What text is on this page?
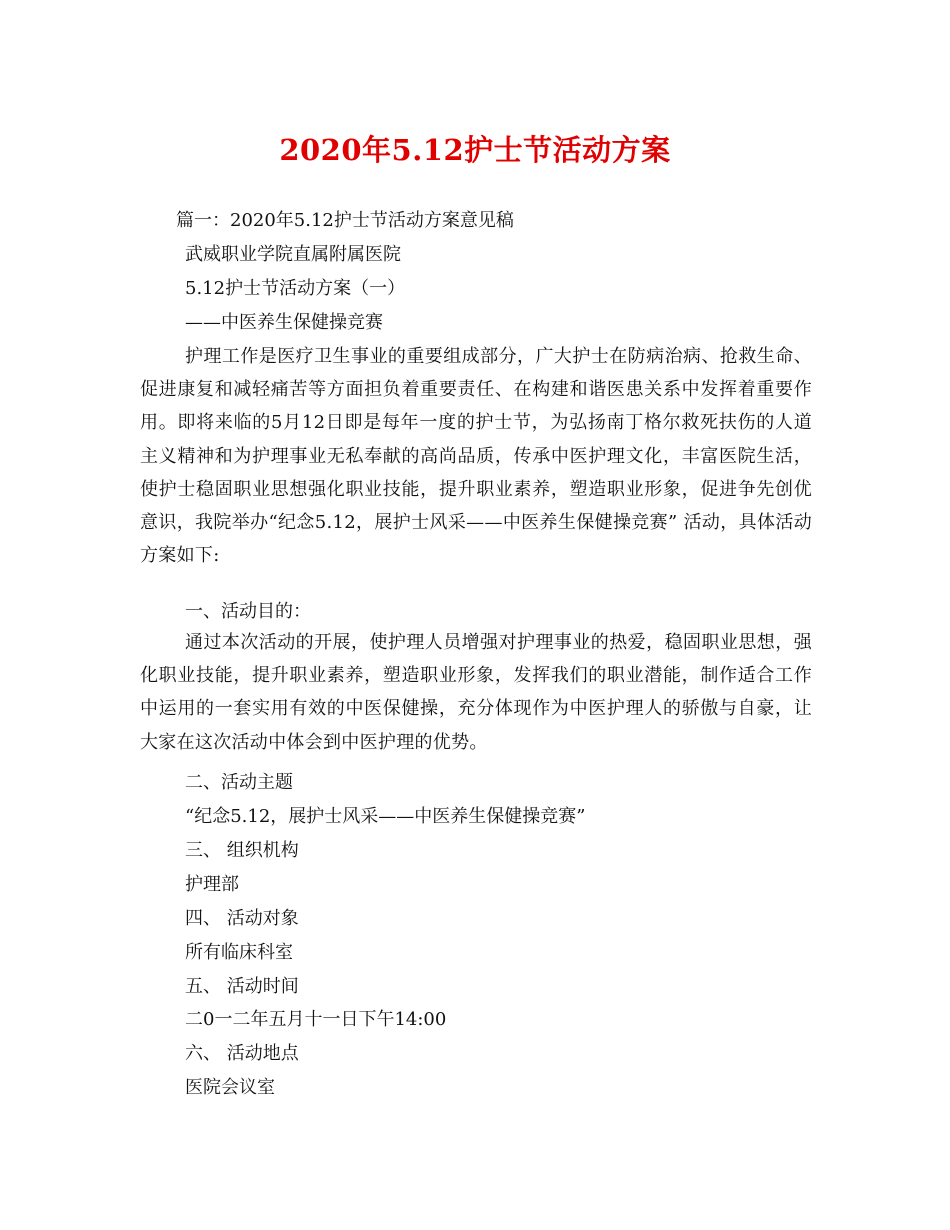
2020年5.12护士节活动方案
篇一：2020年5.12护士节活动方案意见稿
武威职业学院直属附属医院
5.12护士节活动方案（一）
——中医养生保健操竞赛
护理工作是医疗卫生事业的重要组成部分，广大护士在防病治病、抢救生命、促进康复和减轻痛苦等方面担负着重要责任、在构建和谐医患关系中发挥着重要作用。即将来临的5月12日即是每年一度的护士节，为弘扬南丁格尔救死扶伤的人道主义精神和为护理事业无私奉献的高尚品质，传承中医护理文化，丰富医院生活，使护士稳固职业思想强化职业技能，提升职业素养，塑造职业形象，促进争先创优意识，我院举办“纪念5.12，展护士风采——中医养生保健操竞赛” 活动，具体活动方案如下:
一、活动目的：
通过本次活动的开展，使护理人员增强对护理事业的热爱，稳固职业思想，强化职业技能，提升职业素养，塑造职业形象，发挥我们的职业潜能，制作适合工作中运用的一套实用有效的中医保健操，充分体现作为中医护理人的骄傲与自豪，让大家在这次活动中体会到中医护理的优势。
二、活动主题
“纪念5.12，展护士风采——中医养生保健操竞赛”
三、 组织机构
护理部
四、 活动对象
所有临床科室
五、 活动时间
二0一二年五月十一日下午14:00
六、 活动地点
医院会议室
